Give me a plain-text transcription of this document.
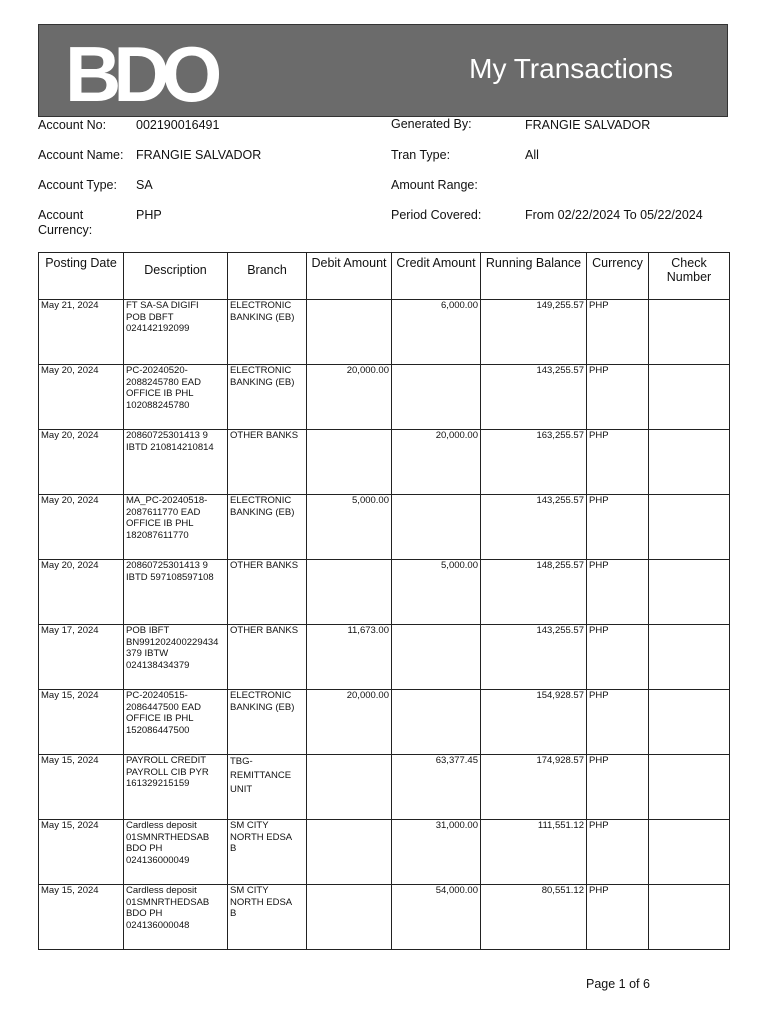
BDO	My Transactions
Account No: 002190016491
Account Name: FRANGIE SALVADOR
Account Type: SA
Account
Currency:
PHP
Generated By:	FRANGIE SALVADOR
Tran Type:	All
Amount Range:
Period Covered:	From 02/22/2024 To 05/22/2024
Posting Date	Description	Branch	Debit Amount	Credit Amount	Running Balance	Currency	Check Number
May 21, 2024	FT SA-SA DIGIFI
POB DBFT
024142192099	ELECTRONIC
BANKING (EB)		6,000.00	149,255.57	PHP	
May 20, 2024	PC-20240520-
2088245780 EAD
OFFICE IB PHL
102088245780	ELECTRONIC
BANKING (EB)	20,000.00		143,255.57	PHP	
May 20, 2024	20860725301413 9
IBTD 210814210814	OTHER BANKS		20,000.00	163,255.57	PHP	
May 20, 2024	MA_PC-20240518-
2087611770 EAD
OFFICE IB PHL
182087611770	ELECTRONIC
BANKING (EB)	5,000.00		143,255.57	PHP	
May 20, 2024	20860725301413 9
IBTD 597108597108	OTHER BANKS		5,000.00	148,255.57	PHP	
May 17, 2024	POB IBFT
BN991202400229434
379 IBTW
024138434379	OTHER BANKS	11,673.00		143,255.57	PHP	
May 15, 2024	PC-20240515-
2086447500 EAD
OFFICE IB PHL
152086447500	ELECTRONIC
BANKING (EB)	20,000.00		154,928.57	PHP	
May 15, 2024	PAYROLL CREDIT
PAYROLL CIB PYR
161329215159	TBG-
REMITTANCE
UNIT		63,377.45	174,928.57	PHP	
May 15, 2024	Cardless deposit
01SMNRTHEDSAB
BDO PH
024136000049	SM CITY
NORTH EDSA
B		31,000.00	111,551.12	PHP	
May 15, 2024	Cardless deposit
01SMNRTHEDSAB
BDO PH
024136000048	SM CITY
NORTH EDSA
B		54,000.00	80,551.12	PHP	
Page 1 of 6
